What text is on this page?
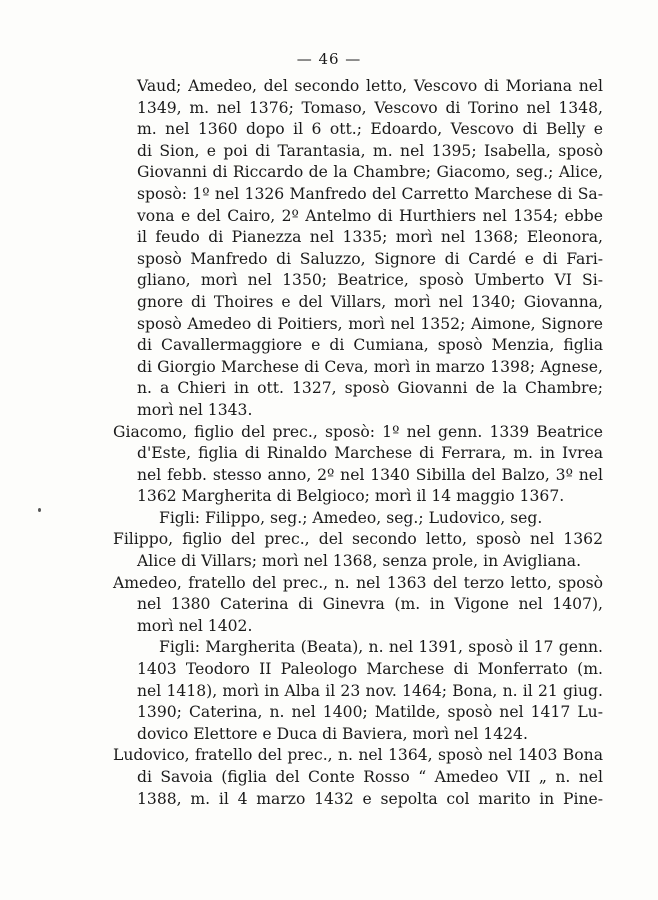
— 46 —
Vaud; Amedeo, del secondo letto, Vescovo di Moriana nel
1349, m. nel 1376; Tomaso, Vescovo di Torino nel 1348,
m. nel 1360 dopo il 6 ott.; Edoardo, Vescovo di Belly e
di Sion, e poi di Tarantasia, m. nel 1395; Isabella, sposò
Giovanni di Riccardo de la Chambre; Giacomo, seg.; Alice,
sposò: 1º nel 1326 Manfredo del Carretto Marchese di Sa-
vona e del Cairo, 2º Antelmo di Hurthiers nel 1354; ebbe
il feudo di Pianezza nel 1335; morì nel 1368; Eleonora,
sposò Manfredo di Saluzzo, Signore di Cardé e di Fari-
gliano, morì nel 1350; Beatrice, sposò Umberto VI Si-
gnore di Thoires e del Villars, morì nel 1340; Giovanna,
sposò Amedeo di Poitiers, morì nel 1352; Aimone, Signore
di Cavallermaggiore e di Cumiana, sposò Menzia, figlia
di Giorgio Marchese di Ceva, morì in marzo 1398; Agnese,
n. a Chieri in ott. 1327, sposò Giovanni de la Chambre;
morì nel 1343.
Giacomo, figlio del prec., sposò: 1º nel genn. 1339 Beatrice
d'Este, figlia di Rinaldo Marchese di Ferrara, m. in Ivrea
nel febb. stesso anno, 2º nel 1340 Sibilla del Balzo, 3º nel
1362 Margherita di Belgioco; morì il 14 maggio 1367.
Figli: Filippo, seg.; Amedeo, seg.; Ludovico, seg.
Filippo, figlio del prec., del secondo letto, sposò nel 1362
Alice di Villars; morì nel 1368, senza prole, in Avigliana.
Amedeo, fratello del prec., n. nel 1363 del terzo letto, sposò
nel 1380 Caterina di Ginevra (m. in Vigone nel 1407),
morì nel 1402.
Figli: Margherita (Beata), n. nel 1391, sposò il 17 genn.
1403 Teodoro II Paleologo Marchese di Monferrato (m.
nel 1418), morì in Alba il 23 nov. 1464; Bona, n. il 21 giug.
1390; Caterina, n. nel 1400; Matilde, sposò nel 1417 Lu-
dovico Elettore e Duca di Baviera, morì nel 1424.
Ludovico, fratello del prec., n. nel 1364, sposò nel 1403 Bona
di Savoia (figlia del Conte Rosso “ Amedeo VII „ n. nel
1388, m. il 4 marzo 1432 e sepolta col marito in Pine-
